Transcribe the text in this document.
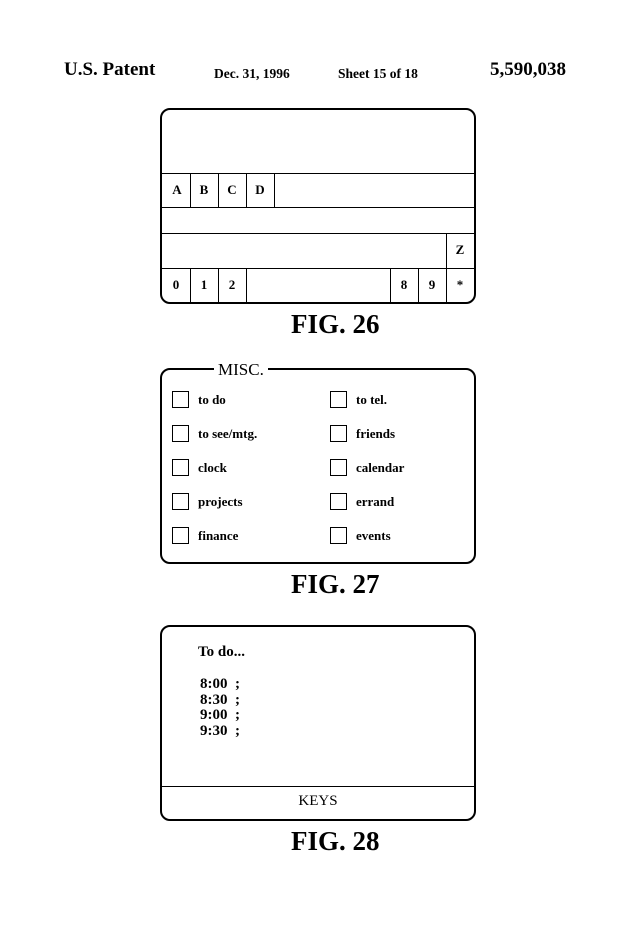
U.S. Patent	Dec. 31, 1996	Sheet 15 of 18	5,590,038
A	B	C	D
Z
0	1	2	8	9	*
FIG. 26
MISC.
to do
to see/mtg.
clock
projects
finance
to tel.
friends
calendar
errand
events
FIG. 27
To do...
8:00  ;
8:30  ;
9:00  ;
9:30  ;
KEYS
FIG. 28
